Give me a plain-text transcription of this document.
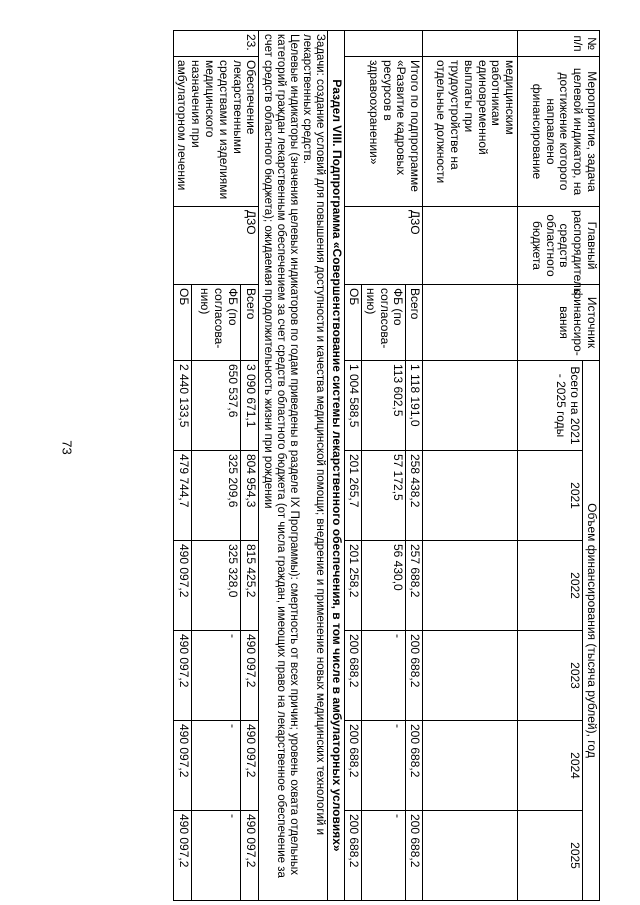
73
№ п/п	Мероприятие, задача целевой индикатор, на достижение которого направлено финансирование	Главный распорядитель средств областного бюджета	Источник финансиро-вания	Объем финансирования (тысяча рублей), год					
				Всего на 2021 - 2025 годы	2021	2022	2023	2024	2025
	медицинским работникам единовременной выплаты при трудоустройстве на отдельные должности								
	Итого по подпрограмме «Развитие кадровых ресурсов в здравоохранении»	ДЗО	Всего	1 118 191,0	258 438,2	257 688,2	200 688,2	200 688,2	200 688,2
			ФБ (по согласова-нию)	113 602,5	57 172,5	56 430,0	-	-	-
			ОБ	1 004 588,5	201 265,7	201 258,2	200 688,2	200 688,2	200 688,2
Раздел VIII. Подпрограмма «Совершенствование системы лекарственного обеспечения, в том числе в амбулаторных условиях»									

Задачи: создание условий для повышения доступности и качества медицинской помощи; внедрение и применение новых медицинских технологий и лекарственных средств.
Целевые индикаторы (значения целевых индикаторов по годам приведены в разделе IX Программы): смертность от всех причин; уровень охвата отдельных категорий граждан лекарственным обеспечением за счет средств областного бюджета (от числа граждан, имеющих право на лекарственное обеспечение за счет средств областного бюджета); ожидаемая продолжительность жизни при рождении									

23.	Обеспечение лекарственными средствами и изделиями медицинского назначения при амбулаторном лечении	ДЗО	Всего	3 090 671,1	804 954,3	815 425,2	490 097,2	490 097,2	490 097,2
			ФБ (по согласова-нию)	650 537,6	325 209,6	325 328,0	-	-	-
			ОБ	2 440 133,5	479 744,7	490 097,2	490 097,2	490 097,2	490 097,2
